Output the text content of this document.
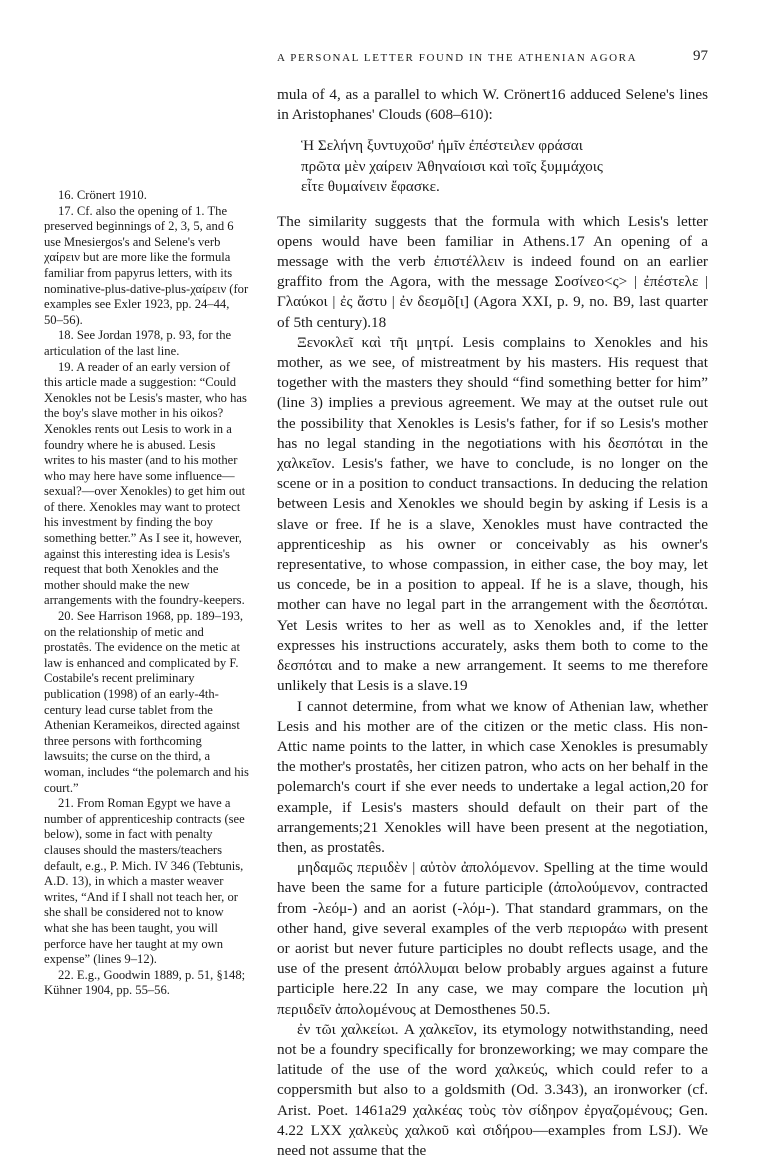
A PERSONAL LETTER FOUND IN THE ATHENIAN AGORA	97

16. Crönert 1910.

17. Cf. also the opening of 1. The preserved beginnings of 2, 3, 5, and 6 use Mnesiergos's and Selene's verb χαίρειν but are more like the formula familiar from papyrus letters, with its nominative-plus-dative-plus-χαίρειν (for examples see Exler 1923, pp. 24–44, 50–56).

18. See Jordan 1978, p. 93, for the articulation of the last line.

19. A reader of an early version of this article made a suggestion: “Could Xenokles not be Lesis's master, who has the boy's slave mother in his oikos? Xenokles rents out Lesis to work in a foundry where he is abused. Lesis writes to his master (and to his mother who may here have some influence—sexual?—over Xenokles) to get him out of there. Xenokles may want to protect his investment by finding the boy something better.” As I see it, however, against this interesting idea is Lesis's request that both Xenokles and the mother should make the new arrangements with the foundry-keepers.

20. See Harrison 1968, pp. 189–193, on the relationship of metic and prostatês. The evidence on the metic at law is enhanced and complicated by F. Costabile's recent preliminary publication (1998) of an early-4th-century lead curse tablet from the Athenian Kerameikos, directed against three persons with forthcoming lawsuits; the curse on the third, a woman, includes “the polemarch and his court.”

21. From Roman Egypt we have a number of apprenticeship contracts (see below), some in fact with penalty clauses should the masters/teachers default, e.g., P. Mich. IV 346 (Tebtunis, A.D. 13), in which a master weaver writes, “And if I shall not teach her, or she shall be considered not to know what she has been taught, you will perforce have her taught at my own expense” (lines 9–12).

22. E.g., Goodwin 1889, p. 51, §148; Kühner 1904, pp. 55–56.

mula of 4, as a parallel to which W. Crönert16 adduced Selene's lines in Aristophanes' Clouds (608–610):

Ἡ Σελήνη ξυντυχοῦσ' ἡμῖν ἐπέστειλεν φράσαι
πρῶτα μὲν χαίρειν Ἀθηναίοισι καὶ τοῖς ξυμμάχοις
εἶτε θυμαίνειν ἔφασκε.

The similarity suggests that the formula with which Lesis's letter opens would have been familiar in Athens.17 An opening of a message with the verb ἐπιστέλλειν is indeed found on an earlier graffito from the Agora, with the message Σοσίνεο<ς> | ἐπέστελε | Γλαύκοι | ἐς ἄστυ | ἐν δεσμõ[ι] (Agora XXI, p. 9, no. B9, last quarter of 5th century).18

Ξενοκλεῖ καὶ τῆι μητρί. Lesis complains to Xenokles and his mother, as we see, of mistreatment by his masters. His request that together with the masters they should “find something better for him” (line 3) implies a previous agreement. We may at the outset rule out the possibility that Xenokles is Lesis's father, for if so Lesis's mother has no legal standing in the negotiations with his δεσπόται in the χαλκεῖον. Lesis's father, we have to conclude, is no longer on the scene or in a position to conduct transactions. In deducing the relation between Lesis and Xenokles we should begin by asking if Lesis is a slave or free. If he is a slave, Xenokles must have contracted the apprenticeship as his owner or conceivably as his owner's representative, to whose compassion, in either case, the boy may, let us concede, be in a position to appeal. If he is a slave, though, his mother can have no legal part in the arrangement with the δεσπόται. Yet Lesis writes to her as well as to Xenokles and, if the letter expresses his instructions accurately, asks them both to come to the δεσπόται and to make a new arrangement. It seems to me therefore unlikely that Lesis is a slave.19

I cannot determine, from what we know of Athenian law, whether Lesis and his mother are of the citizen or the metic class. His non-Attic name points to the latter, in which case Xenokles is presumably the mother's prostatês, her citizen patron, who acts on her behalf in the polemarch's court if she ever needs to undertake a legal action,20 for example, if Lesis's masters should default on their part of the arrangements;21 Xenokles will have been present at the negotiation, then, as prostatês.

μηδαμῶς περιιδὲν | αὐτὸν ἀπολόμενον. Spelling at the time would have been the same for a future participle (ἀπολούμενον, contracted from -λεόμ-) and an aorist (-λόμ-). That standard grammars, on the other hand, give several examples of the verb περιοράω with present or aorist but never future participles no doubt reflects usage, and the use of the present ἀπόλλυμαι below probably argues against a future participle here.22 In any case, we may compare the locution μὴ περιιδεῖν ἀπολομένους at Demosthenes 50.5.

ἐν τῶι χαλκείωι. A χαλκεῖον, its etymology notwithstanding, need not be a foundry specifically for bronzeworking; we may compare the latitude of the use of the word χαλκεύς, which could refer to a coppersmith but also to a goldsmith (Od. 3.343), an ironworker (cf. Arist. Poet. 1461a29 χαλκέας τοὺς τὸν σίδηρον ἐργαζομένους; Gen. 4.22 LXX χαλκεὺς χαλκοῦ καὶ σιδήρου—examples from LSJ). We need not assume that the
